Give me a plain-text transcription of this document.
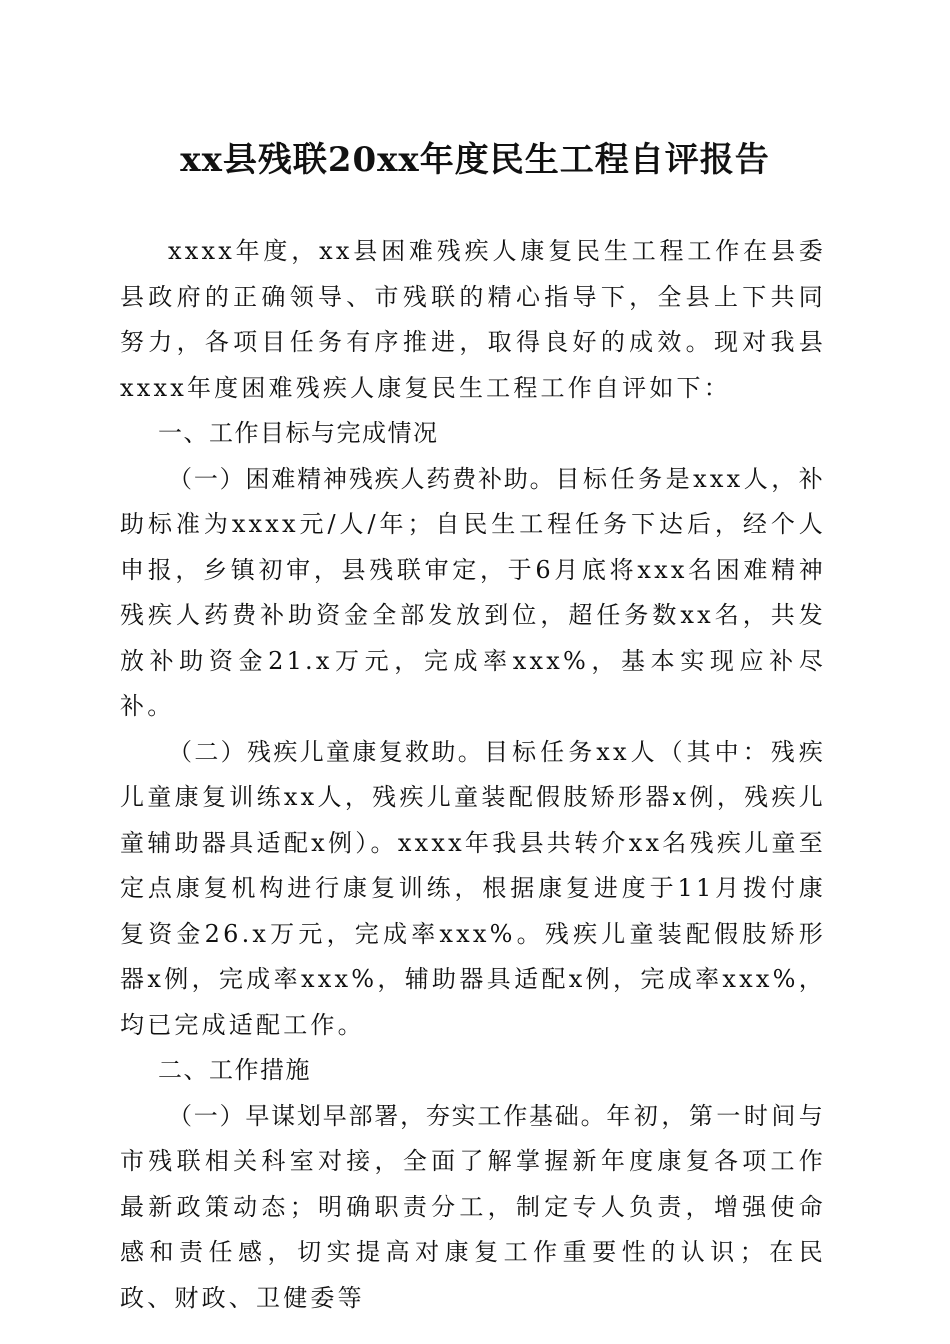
xx县残联20xx年度民生工程自评报告

xxxx年度，xx县困难残疾人康复民生工程工作在县委县政府的正确领导、市残联的精心指导下，全县上下共同努力，各项目任务有序推进，取得良好的成效。现对我县xxxx年度困难残疾人康复民生工程工作自评如下：

一、工作目标与完成情况

（一）困难精神残疾人药费补助。目标任务是xxx人，补助标准为xxxx元/人/年；自民生工程任务下达后，经个人申报，乡镇初审，县残联审定，于6月底将xxx名困难精神残疾人药费补助资金全部发放到位，超任务数xx名，共发放补助资金21.x万元，完成率xxx%，基本实现应补尽补。

（二）残疾儿童康复救助。目标任务xx人（其中：残疾儿童康复训练xx人，残疾儿童装配假肢矫形器x例，残疾儿童辅助器具适配x例）。xxxx年我县共转介xx名残疾儿童至定点康复机构进行康复训练，根据康复进度于11月拨付康复资金26.x万元，完成率xxx%。残疾儿童装配假肢矫形器x例，完成率xxx%，辅助器具适配x例，完成率xxx%，均已完成适配工作。

二、工作措施

（一）早谋划早部署，夯实工作基础。年初，第一时间与市残联相关科室对接，全面了解掌握新年度康复各项工作最新政策动态；明确职责分工，制定专人负责，增强使命感和责任感，切实提高对康复工作重要性的认识；在民政、财政、卫健委等
